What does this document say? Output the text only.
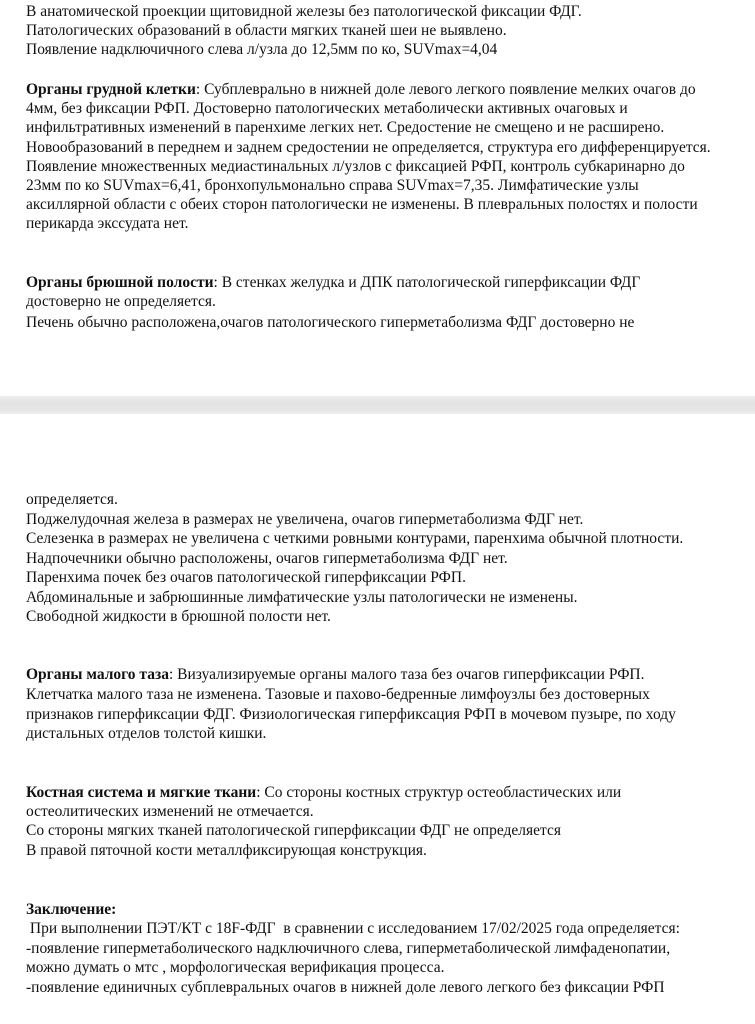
В анатомической проекции щитовидной железы без патологической фиксации ФДГ.

Патологических образований в области мягких тканей шеи не выявлено.

Появление надключичного слева л/узла до 12,5мм по ко, SUVmax=4,04

Органы грудной клетки: Субплеврально в нижней доле левого легкого появление мелких очагов до

4мм, без фиксации РФП. Достоверно патологических метаболически активных очаговых и

инфильтративных изменений в паренхиме легких нет. Средостение не смещено и не расширено.

Новообразований в переднем и заднем средостении не определяется, структура его дифференцируется.

Появление множественных медиастинальных л/узлов с фиксацией РФП, контроль субкаринарно до

23мм по ко SUVmax=6,41, бронхопульмонально справа SUVmax=7,35. Лимфатические узлы

аксиллярной области с обеих сторон патологически не изменены. В плевральных полостях и полости

перикарда экссудата нет.

Органы брюшной полости: В стенках желудка и ДПК патологической гиперфиксации ФДГ

достоверно не определяется.

Печень обычно расположена,очагов патологического гиперметаболизма ФДГ достоверно не

определяется.

Поджелудочная железа в размерах не увеличена, очагов гиперметаболизма ФДГ нет.

Селезенка в размерах не увеличена с четкими ровными контурами, паренхима обычной плотности.

Надпочечники обычно расположены, очагов гиперметаболизма ФДГ нет.

Паренхима почек без очагов патологической гиперфиксации РФП.

Абдоминальные и забрюшинные лимфатические узлы патологически не изменены.

Свободной жидкости в брюшной полости нет.

Органы малого таза: Визуализируемые органы малого таза без очагов гиперфиксации РФП.

Клетчатка малого таза не изменена. Тазовые и пахово-бедренные лимфоузлы без достоверных

признаков гиперфиксации ФДГ. Физиологическая гиперфиксация РФП в мочевом пузыре, по ходу

дистальных отделов толстой кишки.

Костная система и мягкие ткани: Со стороны костных структур остеобластических или

остеолитических изменений не отмечается.

Со стороны мягких тканей патологической гиперфиксации ФДГ не определяется

В правой пяточной кости металлфиксирующая конструкция.

Заключение:

При выполнении ПЭТ/КТ с 18F-ФДГ  в сравнении с исследованием 17/02/2025 года определяется:

-появление гиперметаболического надключичного слева, гиперметаболической лимфаденопатии,

можно думать о мтс , морфологическая верификация процесса.

-появление единичных субплевральных очагов в нижней доле левого легкого без фиксации РФП
